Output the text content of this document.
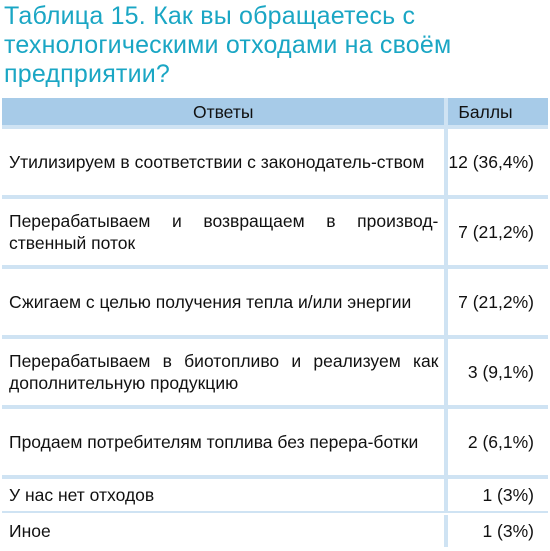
Таблица 15. Как вы обращаетесь с технологическими отходами на своём предприятии?
Ответы	Баллы
Утилизируем в соответствии с законодатель-ством	12 (36,4%)
Перерабатываем и возвращаем в производ-ственный поток	7 (21,2%)
Сжигаем с целью получения тепла и/или энергии	7 (21,2%)
Перерабатываем в биотопливо и реализуем как дополнительную продукцию	3 (9,1%)
Продаем потребителям топлива без перера-ботки	2 (6,1%)
У нас нет отходов	1 (3%)
Иное	1 (3%)
